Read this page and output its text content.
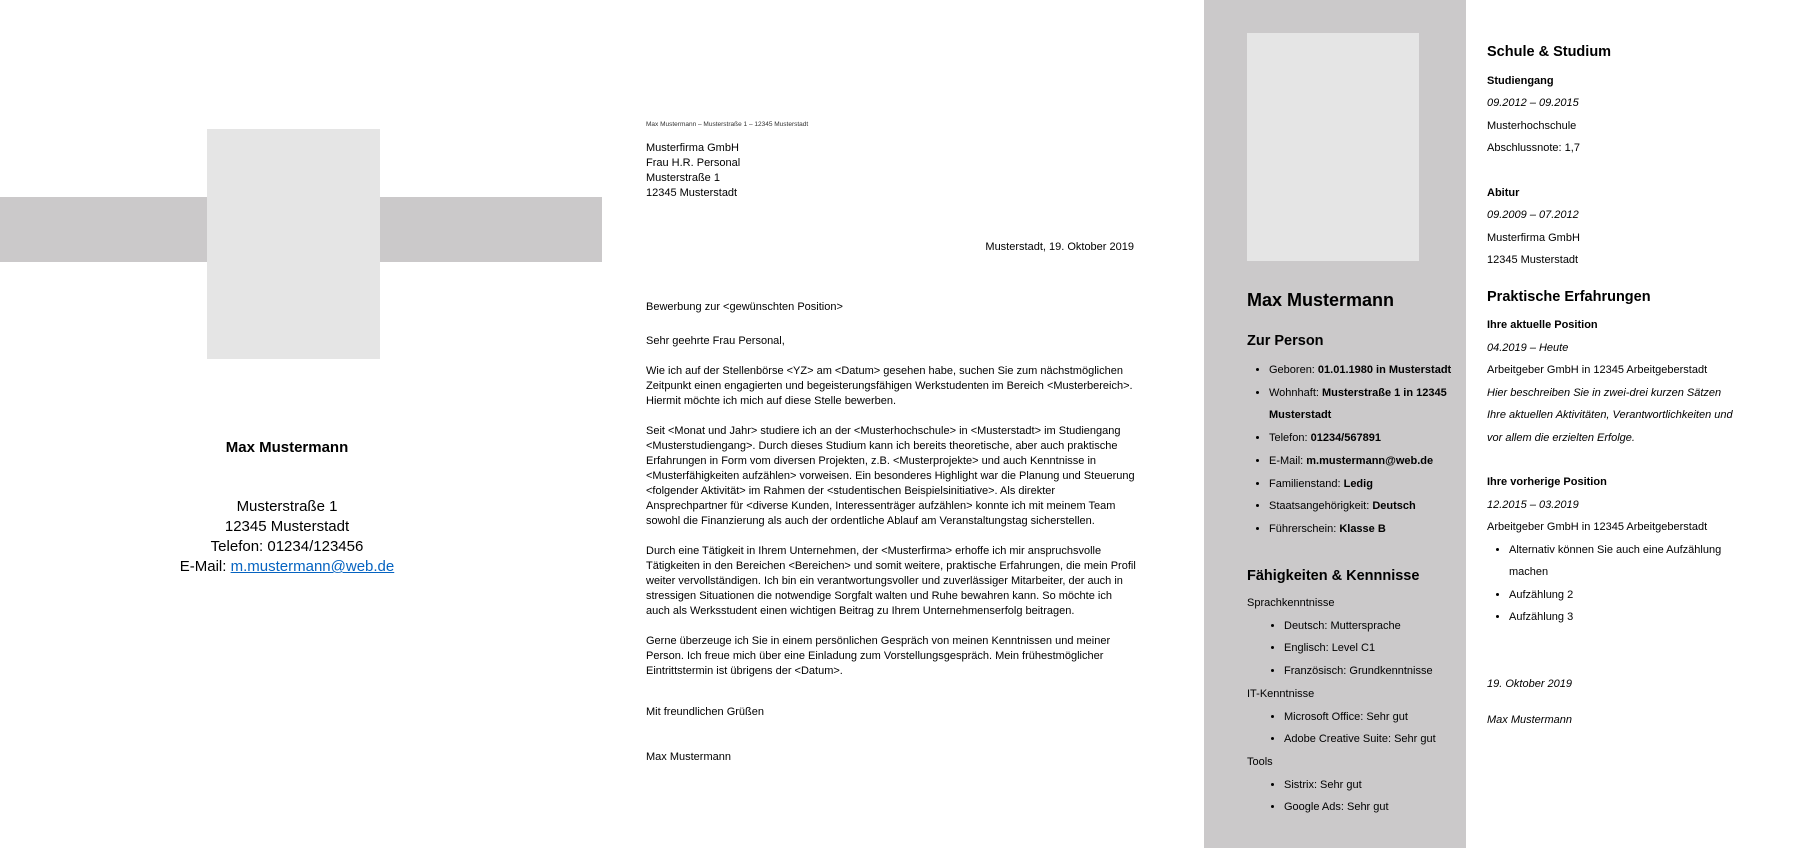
Max Mustermann
Musterstraße 1
12345 Musterstadt
Telefon: 01234/123456
E-Mail: m.mustermann@web.de
Max Mustermann – Musterstraße 1 – 12345 Musterstadt
Musterfirma GmbH
Frau H.R. Personal
Musterstraße 1
12345 Musterstadt
Musterstadt, 19. Oktober 2019
Bewerbung zur <gewünschten Position>
Sehr geehrte Frau Personal,

Wie ich auf der Stellenbörse <YZ> am <Datum> gesehen habe, suchen Sie zum nächstmöglichen Zeitpunkt einen engagierten und begeisterungsfähigen Werkstudenten im Bereich <Musterbereich>. Hiermit möchte ich mich auf diese Stelle bewerben.

Seit <Monat und Jahr> studiere ich an der <Musterhochschule> in <Musterstadt> im Studiengang <Musterstudiengang>. Durch dieses Studium kann ich bereits theoretische, aber auch praktische Erfahrungen in Form vom diversen Projekten, z.B. <Musterprojekte> und auch Kenntnisse in <Musterfähigkeiten aufzählen> vorweisen. Ein besonderes Highlight war die Planung und Steuerung <folgender Aktivität> im Rahmen der <studentischen Beispielsinitiative>. Als direkter Ansprechpartner für <diverse Kunden, Interessenträger aufzählen> konnte ich mit meinem Team sowohl die Finanzierung als auch der ordentliche Ablauf am Veranstaltungstag sicherstellen.

Durch eine Tätigkeit in Ihrem Unternehmen, der <Musterfirma> erhoffe ich mir anspruchsvolle Tätigkeiten in den Bereichen <Bereichen> und somit weitere, praktische Erfahrungen, die mein Profil weiter vervollständigen. Ich bin ein verantwortungsvoller und zuverlässiger Mitarbeiter, der auch in stressigen Situationen die notwendige Sorgfalt walten und Ruhe bewahren kann. So möchte ich auch als Werksstudent einen wichtigen Beitrag zu Ihrem Unternehmenserfolg beitragen.

Gerne überzeuge ich Sie in einem persönlichen Gespräch von meinen Kenntnissen und meiner Person. Ich freue mich über eine Einladung zum Vorstellungsgespräch. Mein frühestmöglicher Eintrittstermin ist übrigens der <Datum>.

Mit freundlichen Grüßen
Max Mustermann
Max Mustermann
Zur Person
• Geboren: 01.01.1980 in Musterstadt
• Wohnhaft: Musterstraße 1 in 12345 Musterstadt
• Telefon: 01234/567891
• E-Mail: m.mustermann@web.de
• Familienstand: Ledig
• Staatsangehörigkeit: Deutsch
• Führerschein: Klasse B
Fähigkeiten & Kennnisse

Sprachkenntnisse

• Deutsch: Muttersprache
• Englisch: Level C1
• Französisch: Grundkenntnisse

IT-Kenntnisse

• Microsoft Office: Sehr gut
• Adobe Creative Suite: Sehr gut

Tools

• Sistrix: Sehr gut
• Google Ads: Sehr gut
Schule & Studium

Studiengang

09.2012 – 09.2015

Musterhochschule

Abschlussnote: 1,7

Abitur

09.2009 – 07.2012

Musterfirma GmbH

12345 Musterstadt

Praktische Erfahrungen

Ihre aktuelle Position

04.2019 – Heute

Arbeitgeber GmbH in 12345 Arbeitgeberstadt

Hier beschreiben Sie in zwei-drei kurzen Sätzen Ihre aktuellen Aktivitäten, Verantwortlichkeiten und vor allem die erzielten Erfolge.

Ihre vorherige Position

12.2015 – 03.2019

Arbeitgeber GmbH in 12345 Arbeitgeberstadt

• Alternativ können Sie auch eine Aufzählung machen
• Aufzählung 2
• Aufzählung 3

19. Oktober 2019

Max Mustermann
